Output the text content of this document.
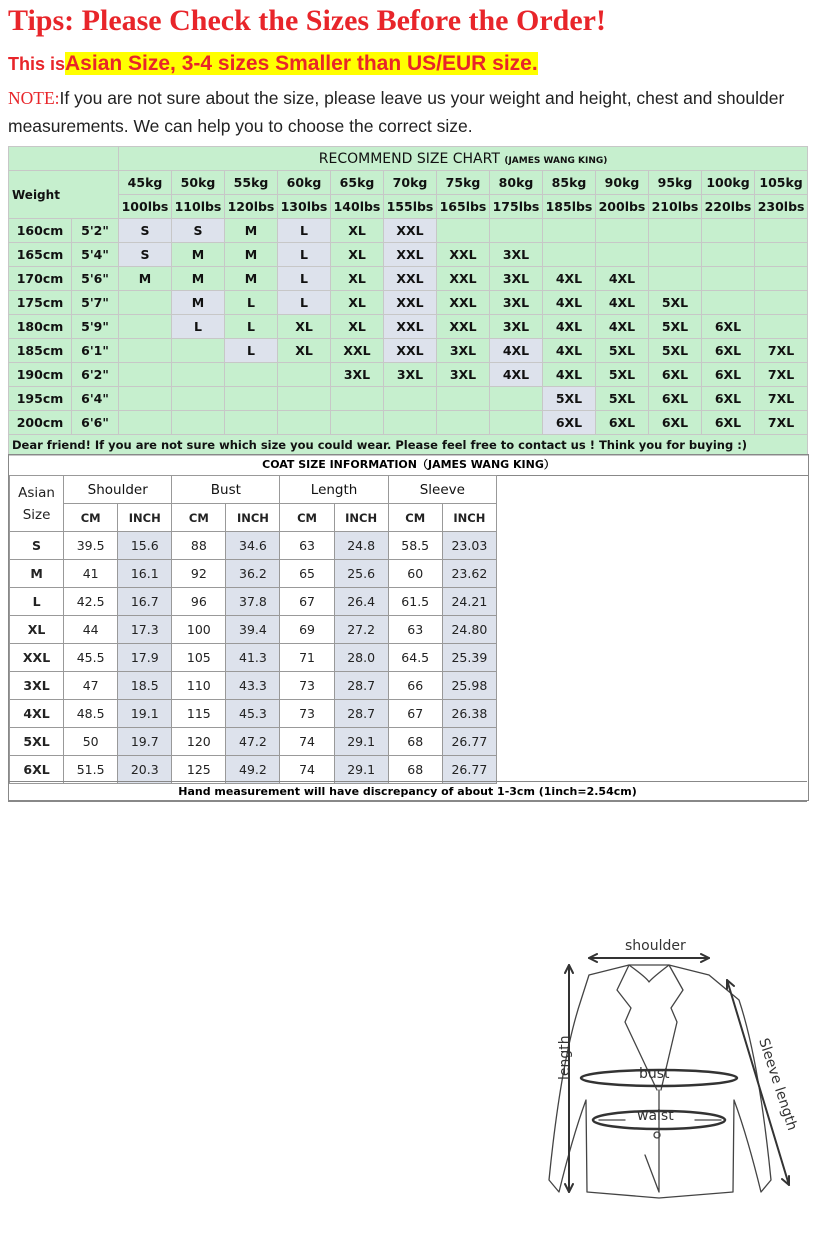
Tips: Please Check the Sizes Before the Order!
This isAsian Size, 3-4 sizes Smaller than US/EUR size.
NOTE:If you are not sure about the size, please leave us your weight and height, chest and shoulder measurements. We can help you to choose the correct size.
		RECOMMEND SIZE CHART (JAMES WANG KING)												
Weight		45kg	50kg	55kg	60kg	65kg	70kg	75kg	80kg	85kg	90kg	95kg	100kg	105kg
		100lbs	110lbs	120lbs	130lbs	140lbs	155lbs	165lbs	175lbs	185lbs	200lbs	210lbs	220lbs	230lbs
160cm	5'2"	S	S	M	L	XL	XXL							
165cm	5'4"	S	M	M	L	XL	XXL	XXL	3XL					
170cm	5'6"	M	M	M	L	XL	XXL	XXL	3XL	4XL	4XL			
175cm	5'7"		M	L	L	XL	XXL	XXL	3XL	4XL	4XL	5XL		
180cm	5'9"		L	L	XL	XL	XXL	XXL	3XL	4XL	4XL	5XL	6XL	
185cm	6'1"			L	XL	XXL	XXL	3XL	4XL	4XL	5XL	5XL	6XL	7XL
190cm	6'2"					3XL	3XL	3XL	4XL	4XL	5XL	6XL	6XL	7XL
195cm	6'4"									5XL	5XL	6XL	6XL	7XL
200cm	6'6"									6XL	6XL	6XL	6XL	7XL
Dear friend! If you are not sure which size you could wear. Please feel free to contact us ! Think you for buying :)														
COAT SIZE INFORMATION（JAMES WANG KING）
Asian
Size	Shoulder		Bust		Length		Sleeve	
	CM	INCH	CM	INCH	CM	INCH	CM	INCH
S	39.5	15.6	88	34.6	63	24.8	58.5	23.03
M	41	16.1	92	36.2	65	25.6	60	23.62
L	42.5	16.7	96	37.8	67	26.4	61.5	24.21
XL	44	17.3	100	39.4	69	27.2	63	24.80
XXL	45.5	17.9	105	41.3	71	28.0	64.5	25.39
3XL	47	18.5	110	43.3	73	28.7	66	25.98
4XL	48.5	19.1	115	45.3	73	28.7	67	26.38
5XL	50	19.7	120	47.2	74	29.1	68	26.77
6XL	51.5	20.3	125	49.2	74	29.1	68	26.77
shoulder
length	bust
waist	Sleeve length
Hand measurement will have discrepancy of about 1-3cm (1inch=2.54cm)
